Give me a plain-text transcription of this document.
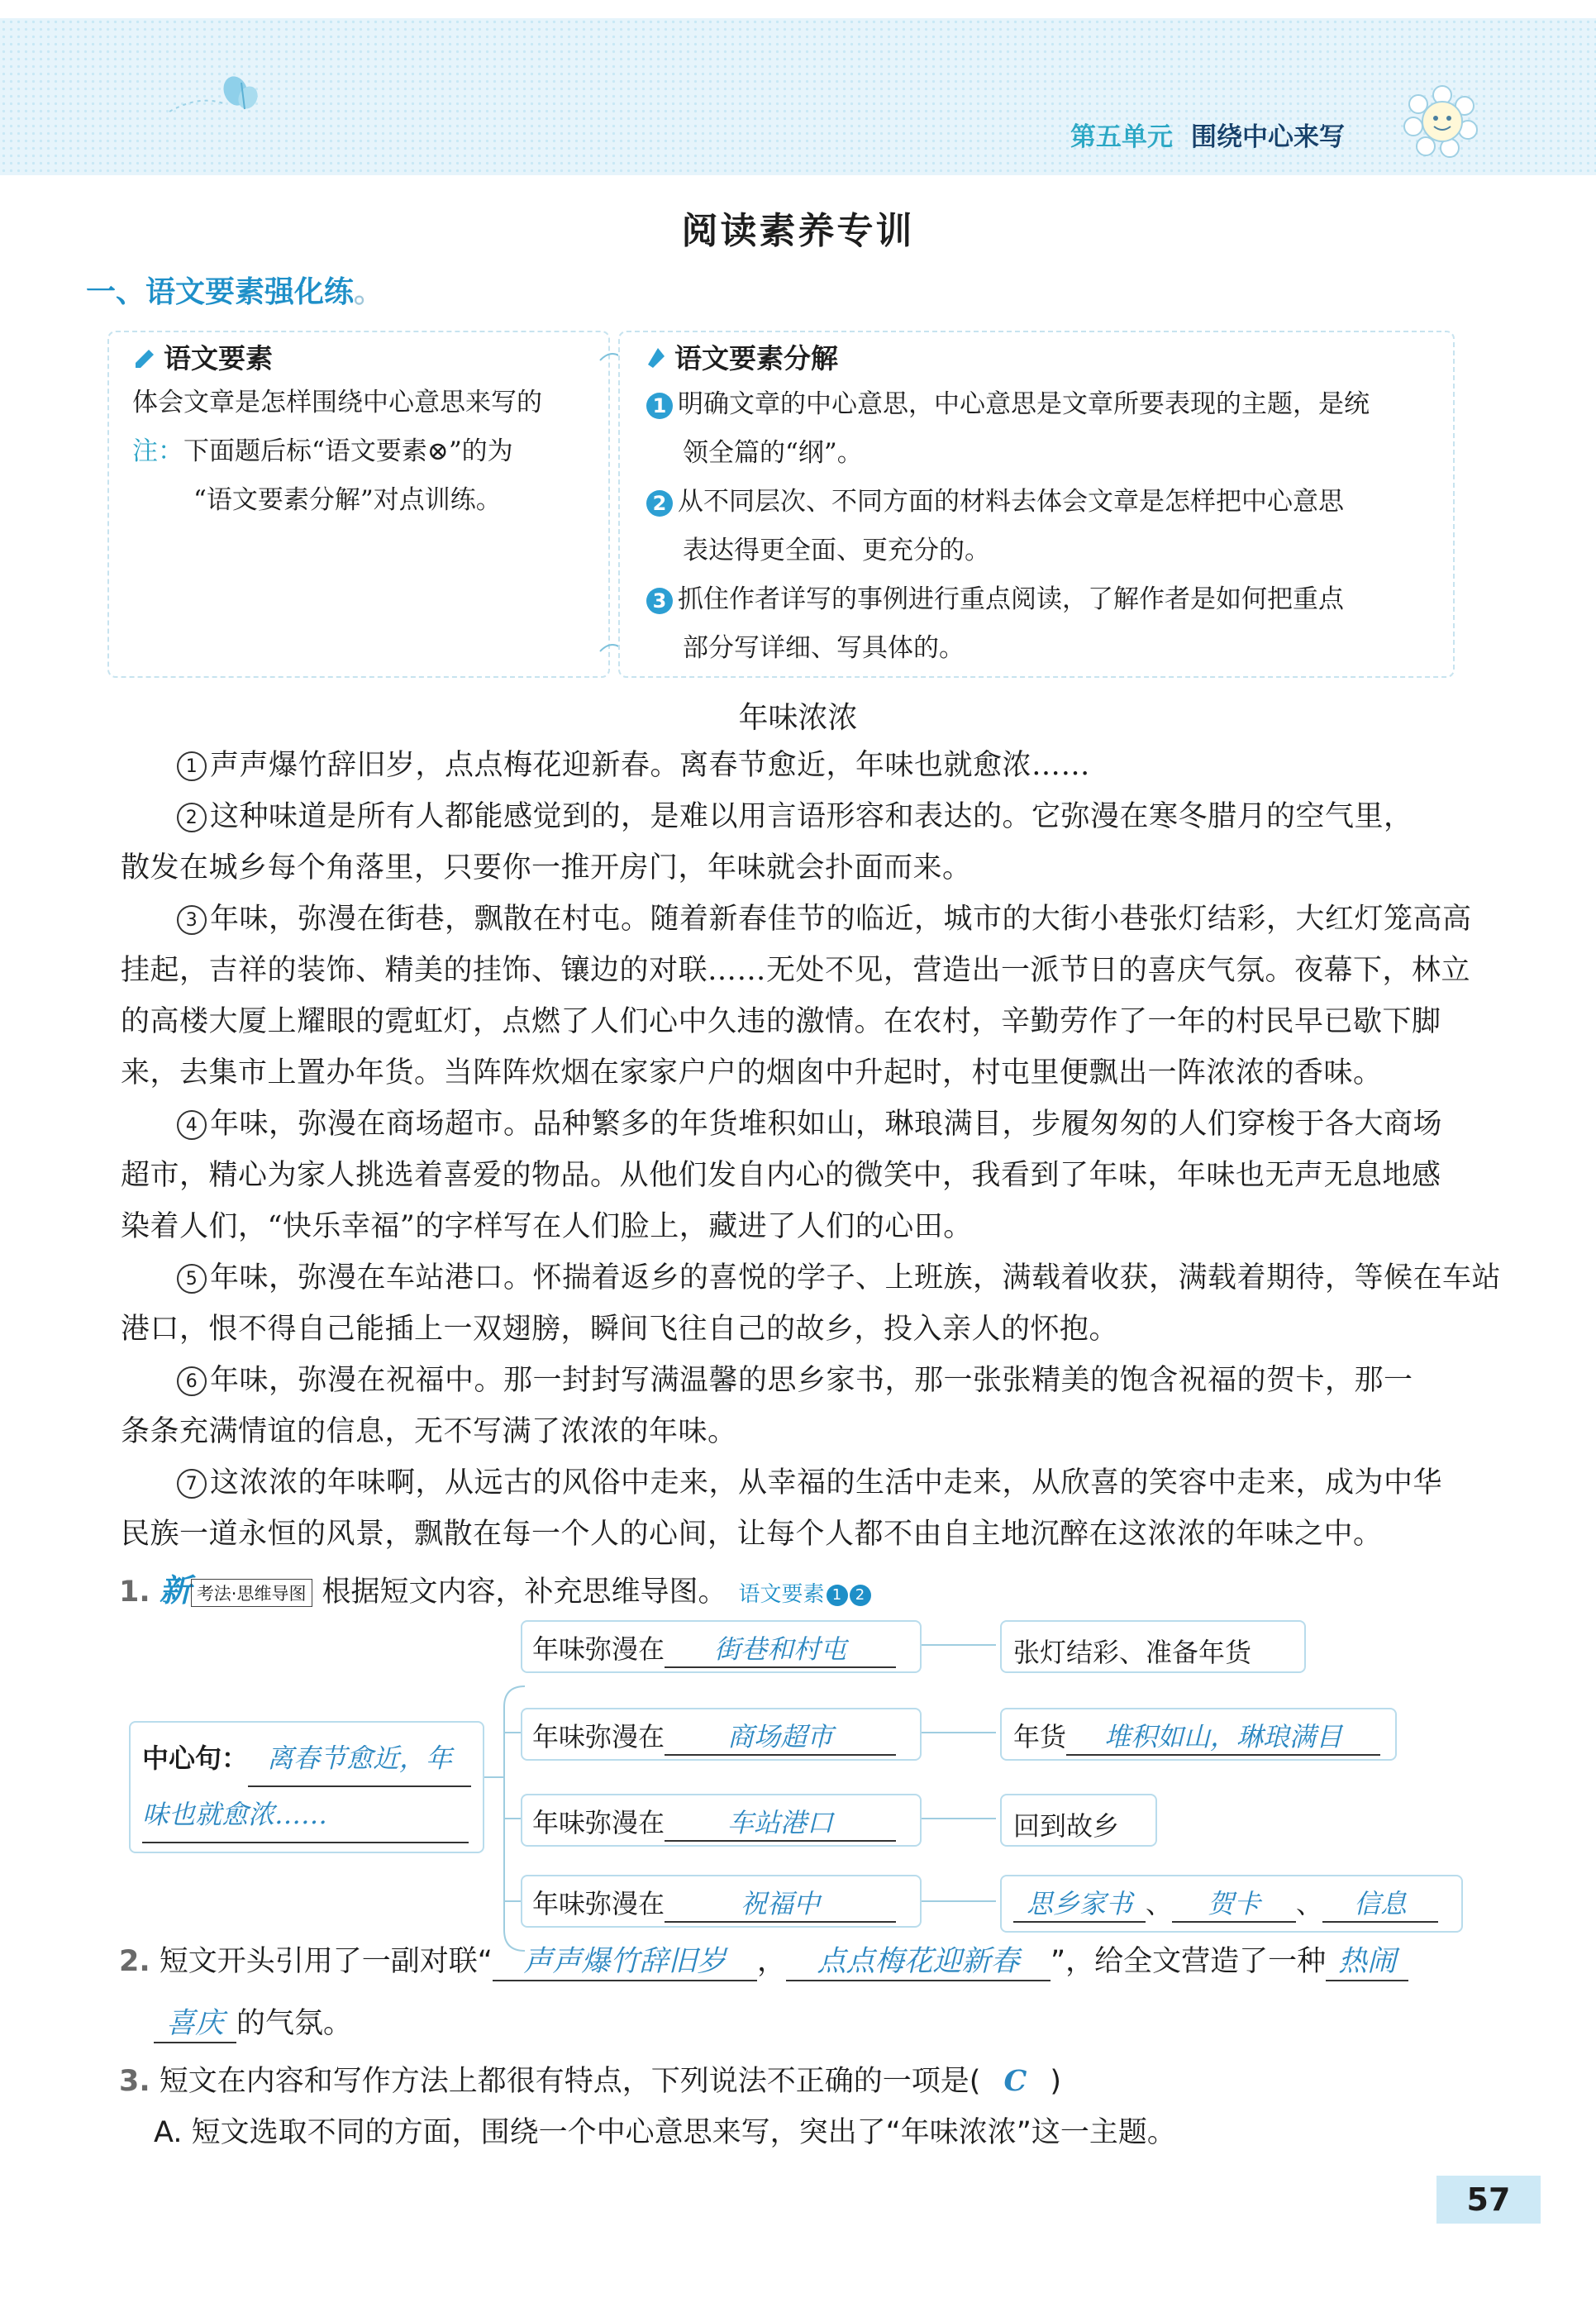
第五单元 围绕中心来写
阅读素养专训
一、语文要素强化练。
语文要素
体会文章是怎样围绕中心意思来写的
注：下面题后标“语文要素⊗”的为
“语文要素分解”对点训练。
语文要素分解
1 明确文章的中心意思，中心意思是文章所要表现的主题，是统
领全篇的“纲”。
2 从不同层次、不同方面的材料去体会文章是怎样把中心意思
表达得更全面、更充分的。
3 抓住作者详写的事例进行重点阅读，了解作者是如何把重点
部分写详细、写具体的。
年味浓浓
1 声声爆竹辞旧岁，点点梅花迎新春。离春节愈近，年味也就愈浓……
2 这种味道是所有人都能感觉到的，是难以用言语形容和表达的。它弥漫在寒冬腊月的空气里，
散发在城乡每个角落里，只要你一推开房门，年味就会扑面而来。
3 年味，弥漫在街巷，飘散在村屯。随着新春佳节的临近，城市的大街小巷张灯结彩，大红灯笼高高
挂起，吉祥的装饰、精美的挂饰、镶边的对联……无处不见，营造出一派节日的喜庆气氛。夜幕下，林立
的高楼大厦上耀眼的霓虹灯，点燃了人们心中久违的激情。在农村，辛勤劳作了一年的村民早已歇下脚
来，去集市上置办年货。当阵阵炊烟在家家户户的烟囱中升起时，村屯里便飘出一阵浓浓的香味。
4 年味，弥漫在商场超市。品种繁多的年货堆积如山，琳琅满目，步履匆匆的人们穿梭于各大商场
超市，精心为家人挑选着喜爱的物品。从他们发自内心的微笑中，我看到了年味，年味也无声无息地感
染着人们，“快乐幸福”的字样写在人们脸上，藏进了人们的心田。
5 年味，弥漫在车站港口。怀揣着返乡的喜悦的学子、上班族，满载着收获，满载着期待，等候在车站
港口，恨不得自己能插上一双翅膀，瞬间飞往自己的故乡，投入亲人的怀抱。
6 年味，弥漫在祝福中。那一封封写满温馨的思乡家书，那一张张精美的饱含祝福的贺卡，那一
条条充满情谊的信息，无不写满了浓浓的年味。
7 这浓浓的年味啊，从远古的风俗中走来，从幸福的生活中走来，从欣喜的笑容中走来，成为中华
民族一道永恒的风景，飘散在每一个人的心间，让每个人都不由自主地沉醉在这浓浓的年味之中。
1. 新 考法·思维导图 根据短文内容，补充思维导图。 语文要素 1 2
中心句： 离春节愈近，年
味也就愈浓……
年味弥漫在 街巷和村屯
年味弥漫在 商场超市
年味弥漫在 车站港口
年味弥漫在	祝福中
张灯结彩、准备年货
年货 堆积如山，琳琅满目
回到故乡
思乡家书 、 贺卡 、 信息
2. 短文开头引用了一副对联“ 声声爆竹辞旧岁 ， 点点梅花迎新春 ”，给全文营造了一种 热闹
喜庆 的气氛。
3. 短文在内容和写作方法上都很有特点，下列说法不正确的一项是( C )
A. 短文选取不同的方面，围绕一个中心意思来写，突出了“年味浓浓”这一主题。
57
